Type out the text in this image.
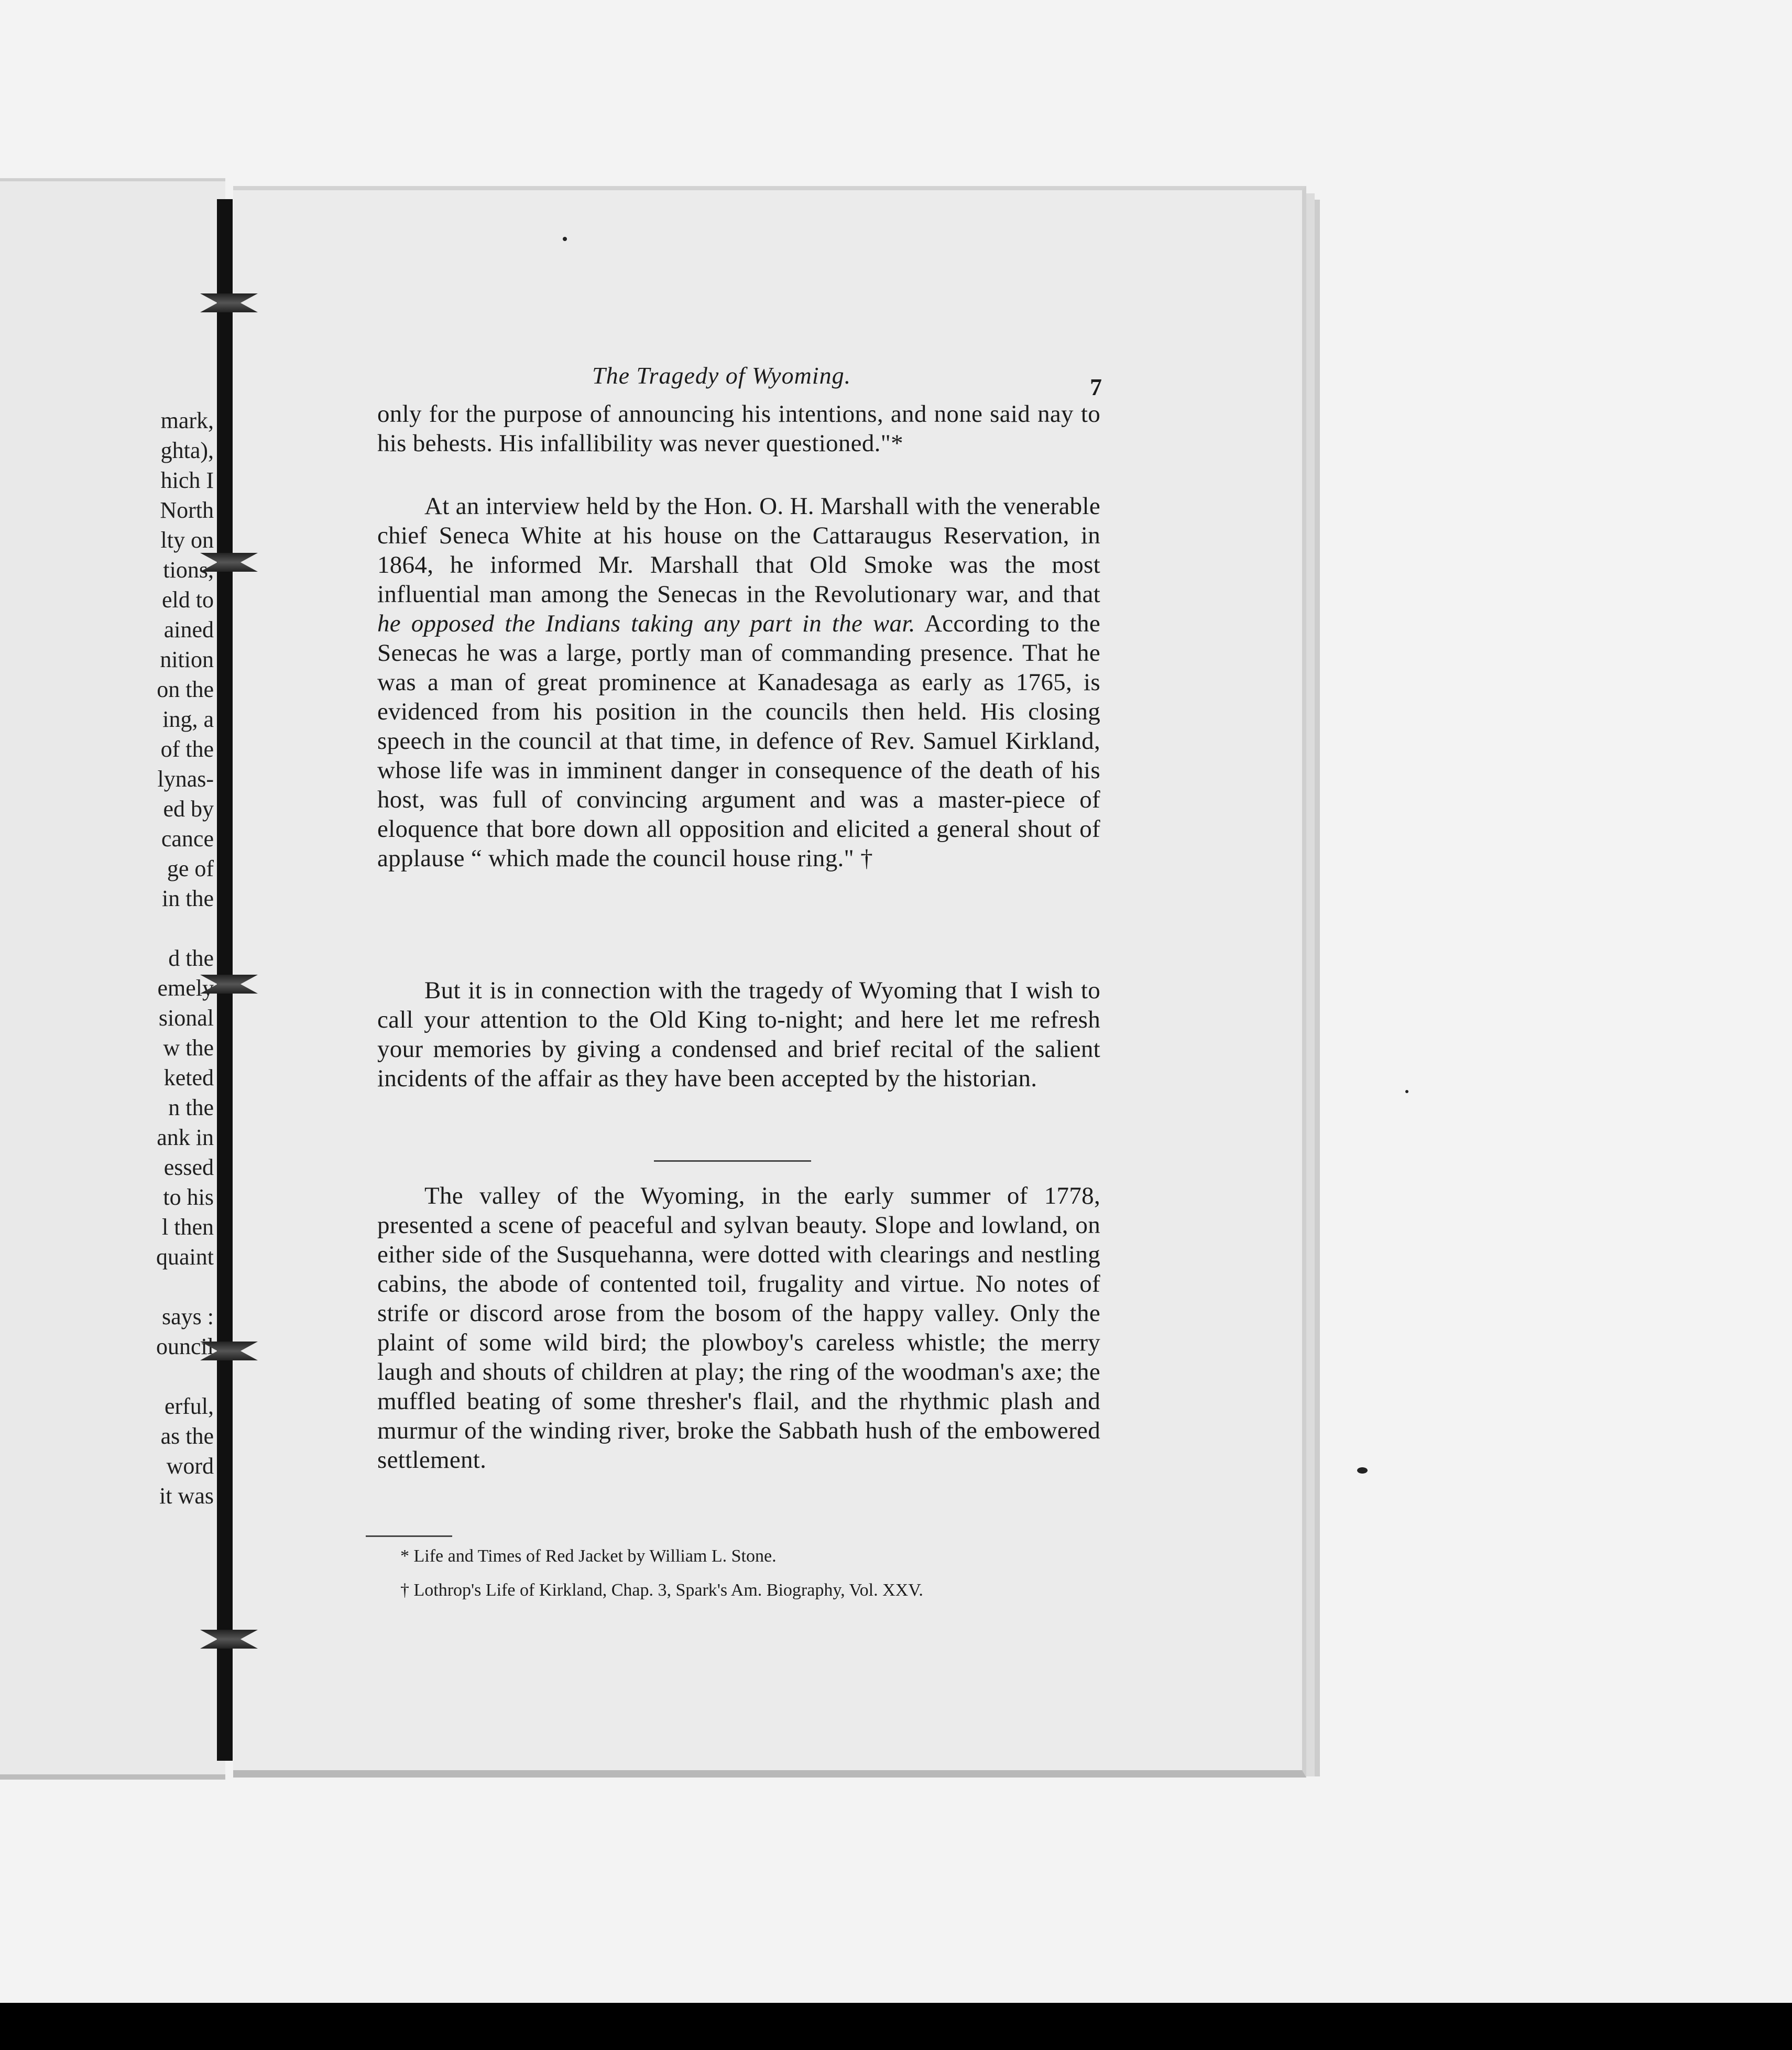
mark,
ghta),
hich I
North
lty on
tions,
eld to
ained
nition
on the
ing, a
of the
lynas-
ed by
cance
ge of
in the
d the
emely
sional
w the
keted
n the
ank in
essed
to his
l then
quaint
says :
ouncil
erful,
as the
word
it was
The Tragedy of Wyoming.	7

only for the purpose of announcing his intentions, and none said nay to his behests. His infallibility was never questioned."*

At an interview held by the Hon. O. H. Marshall with the venerable chief Seneca White at his house on the Cattaraugus Reservation, in 1864, he informed Mr. Marshall that Old Smoke was the most influential man among the Senecas in the Revolutionary war, and that he opposed the Indians taking any part in the war. According to the Senecas he was a large, portly man of commanding presence. That he was a man of great prominence at Kanadesaga as early as 1765, is evidenced from his position in the councils then held. His closing speech in the council at that time, in defence of Rev. Samuel Kirkland, whose life was in imminent danger in consequence of the death of his host, was full of convincing argument and was a master-piece of eloquence that bore down all opposition and elicited a general shout of applause “ which made the council house ring." †

But it is in connection with the tragedy of Wyoming that I wish to call your attention to the Old King to-night; and here let me refresh your memories by giving a condensed and brief recital of the salient incidents of the affair as they have been accepted by the historian.

The valley of the Wyoming, in the early summer of 1778, presented a scene of peaceful and sylvan beauty. Slope and lowland, on either side of the Susquehanna, were dotted with clearings and nestling cabins, the abode of contented toil, frugality and virtue. No notes of strife or discord arose from the bosom of the happy valley. Only the plaint of some wild bird; the plowboy's careless whistle; the merry laugh and shouts of children at play; the ring of the woodman's axe; the muffled beating of some thresher's flail, and the rhythmic plash and murmur of the winding river, broke the Sabbath hush of the embowered settlement.

* Life and Times of Red Jacket by William L. Stone.
† Lothrop's Life of Kirkland, Chap. 3, Spark's Am. Biography, Vol. XXV.
